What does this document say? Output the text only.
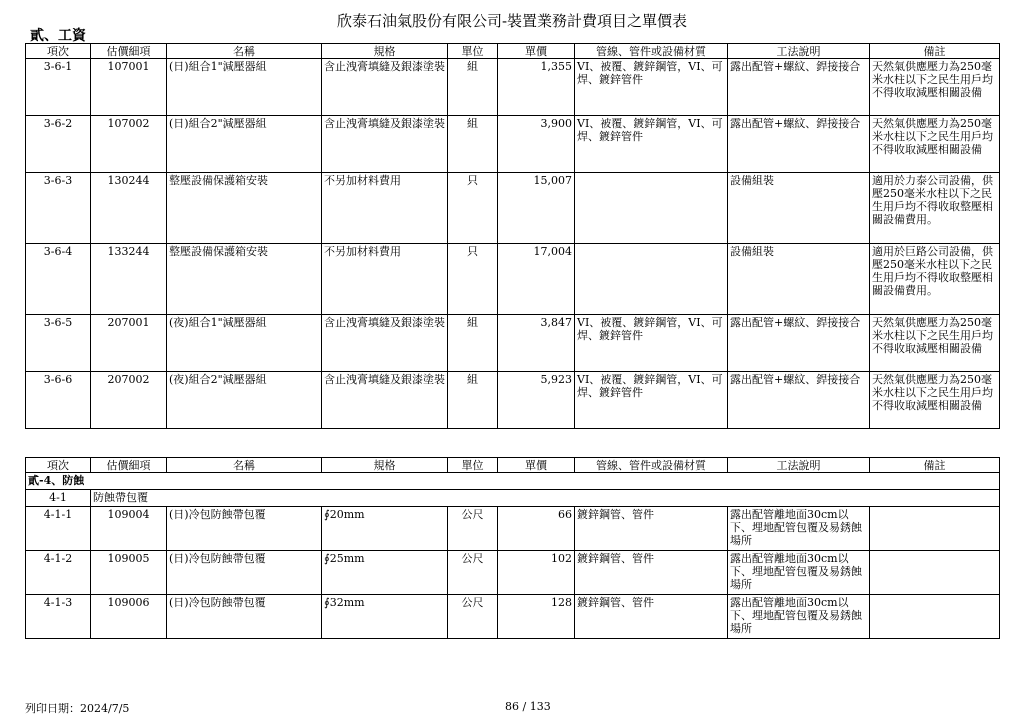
欣泰石油氣股份有限公司-裝置業務計費項目之單價表
貳、工資
項次	估價細項	名稱	規格	單位	單價	管線、管件或設備材質	工法說明	備註
3-6-1	107001	(日)組合1"減壓器組	含止洩膏填縫及銀漆塗裝	組	1,355	VI、被覆、鍍鋅鋼管，VI、可焊、鍍鋅管件	露出配管+螺紋、銲接接合	天然氣供應壓力為250毫米水柱以下之民生用戶均不得收取減壓相關設備
3-6-2	107002	(日)組合2"減壓器組	含止洩膏填縫及銀漆塗裝	組	3,900	VI、被覆、鍍鋅鋼管，VI、可焊、鍍鋅管件	露出配管+螺紋、銲接接合	天然氣供應壓力為250毫米水柱以下之民生用戶均不得收取減壓相關設備
3-6-3	130244	整壓設備保護箱安裝	不另加材料費用	只	15,007		設備組裝	適用於力泰公司設備，供壓250毫米水柱以下之民生用戶均不得收取整壓相關設備費用。
3-6-4	133244	整壓設備保護箱安裝	不另加材料費用	只	17,004		設備組裝	適用於巨路公司設備，供壓250毫米水柱以下之民生用戶均不得收取整壓相關設備費用。
3-6-5	207001	(夜)組合1"減壓器組	含止洩膏填縫及銀漆塗裝	組	3,847	VI、被覆、鍍鋅鋼管，VI、可焊、鍍鋅管件	露出配管+螺紋、銲接接合	天然氣供應壓力為250毫米水柱以下之民生用戶均不得收取減壓相關設備
3-6-6	207002	(夜)組合2"減壓器組	含止洩膏填縫及銀漆塗裝	組	5,923	VI、被覆、鍍鋅鋼管，VI、可焊、鍍鋅管件	露出配管+螺紋、銲接接合	天然氣供應壓力為250毫米水柱以下之民生用戶均不得收取減壓相關設備
項次	估價細項	名稱	規格	單位	單價	管線、管件或設備材質	工法說明	備註
貳-4、防蝕								
4-1	防蝕帶包覆							
4-1-1	109004	(日)冷包防蝕帶包覆	∮20mm	公尺	66	鍍鋅鋼管、管件	露出配管離地面30cm以下、埋地配管包覆及易銹蝕場所	
4-1-2	109005	(日)冷包防蝕帶包覆	∮25mm	公尺	102	鍍鋅鋼管、管件	露出配管離地面30cm以下、埋地配管包覆及易銹蝕場所	
4-1-3	109006	(日)冷包防蝕帶包覆	∮32mm	公尺	128	鍍鋅鋼管、管件	露出配管離地面30cm以下、埋地配管包覆及易銹蝕場所	
列印日期：2024/7/5	86 / 133
